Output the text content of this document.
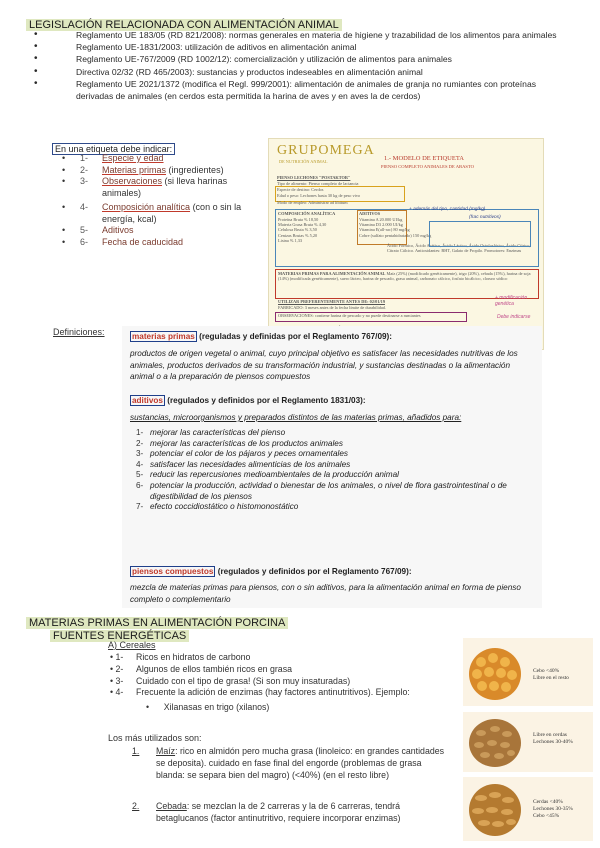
LEGISLACIÓN RELACIONADA CON ALIMENTACIÓN ANIMAL
• Reglamento UE 183/05 (RD 821/2008): normas generales en materia de higiene y trazabilidad de los alimentos para animales
• Reglamento UE-1831/2003: utilización de aditivos en alimentación animal
• Reglamento UE-767/2009 (RD 1002/12): comercialización y utilización de alimentos para animales
• Directiva 02/32 (RD 465/2003): sustancias y productos indeseables en alimentación animal
• Reglamento UE 2021/1372 (modifica el Regl. 999/2001): alimentación de animales de granja no rumiantes con proteínas derivadas de animales (en cerdos esta permitida la harina de aves y en aves la de cerdos)
En una etiqueta debe indicar:
• 1- Especie y edad
• 2- Materias primas (ingredientes)
• 3- Observaciones (si lleva harinas animales)
• 4- Composición analítica (con o sin la energía, kcal)
• 5- Aditivos
• 6- Fecha de caducidad
GRUPOMEGA
DE NUTRICIÓN ANIMAL	1.- MODELO DE ETIQUETA
PIENSO COMPLETO ANIMALES DE ABASTO
PIENSO LECHONES "POSTAKTOR"
Tipo de alimento: Pienso completo de lactancia
Especie de destino: Cerdos
Edad o peso: Lechones hasta 30 kg de peso vivo
Modo de empleo: Administrar ad libitum
COMPOSICIÓN ANALÍTICA
Proteína Bruta % 18,50
Materia Grasa Bruta % 4,30
Celulosa Bruta % 3,50
Cenizas Brutas % 5,20
Lisina % 1,33
ADITIVOS
Vitamina A 20.000 UI/kg
Vitamina D3 2.000 UI/kg
Vitamina E(all-rac) 80 mg/kg
Cobre (sulfato pentahidratado) 150 mg/kg
Ácido Fórmico, Ácido Acético, Ácido Láctico, Ácido Ortofosfórico, Ácido Cítrico, Citrato Cálcico. Antioxidantes: BHT, Galato de Propilo. Promotores: Enzimas
+ además del tipo, cantidad (mg/kg)
(frac nutritivos)
MATERIAS PRIMAS PARA ALIMENTACIÓN ANIMAL Maíz (25%) (modificado genéticamente), trigo (20%), cebada (15%), harina de soja (14%) (modificada genéticamente), suero lácteo, harina de pescado, grasa animal, carbonato cálcico, fosfato bicálcico, cloruro sódico
UTILIZAR PREFERENTEMENTE ANTES DE: 02/01/19
FABRICADO: 3 meses antes de la fecha límite de durabilidad.
OBSERVACIONES: contiene harina de pescado y no puede destinarse a rumiantes
+ modificación genética
Debe indicarse
Definiciones:	materias primas (reguladas y definidas por el Reglamento 767/09):
productos de origen vegetal o animal, cuyo principal objetivo es satisfacer las necesidades nutritivas de los animales, productos derivados de su transformación industrial, y sustancias destinadas o la alimentación animal o a la preparación de piensos compuestos
aditivos (regulados y definidos por el Reglamento 1831/03):
sustancias, microorganismos y preparados distintos de las materias primas, añadidos para:
1- mejorar las características del pienso
2- mejorar las características de los productos animales
3- potenciar el color de los pájaros y peces ornamentales
4- satisfacer las necesidades alimenticias de los animales
5- reducir las repercusiones medioambientales de la producción animal
6- potenciar la producción, actividad o bienestar de los animales, o nivel de flora gastrointestinal o de digestibilidad de los piensos
7- efecto coccidiostático o histomonostático
piensos compuestos (regulados y definidos por el Reglamento 767/09):
mezcla de materias primas para piensos, con o sin aditivos, para la alimentación animal en forma de pienso completo o complementario
MATERIAS PRIMAS EN ALIMENTACIÓN PORCINA
FUENTES ENERGÉTICAS
A) Cereales
• 1- Ricos en hidratos de carbono
• 2- Algunos de ellos también ricos en grasa
• 3- Cuidado con el tipo de grasa! (Si son muy insaturadas)
• 4- Frecuente la adición de enzimas (hay factores antinutritivos). Ejemplo:
•      Xilanasas en trigo (xilanos)
Los más utilizados son:
1. Maíz: rico en almidón pero mucha grasa (linoleico: en grandes cantidades se deposita). cuidado en fase final del engorde (problemas de grasa blanda: se separa bien del magro) (<40%) (en el resto libre)
2. Cebada: se mezclan la de 2 carreras y la de 6 carreras, tendrá betaglucanos (factor antinutritivo, requiere incorporar enzimas)
Cebo <40%
Libre en el resto
Libre en cerdas
Lechones 30-40%
Cerdas <40%
Lechones 30-35%
Cebo <45%
